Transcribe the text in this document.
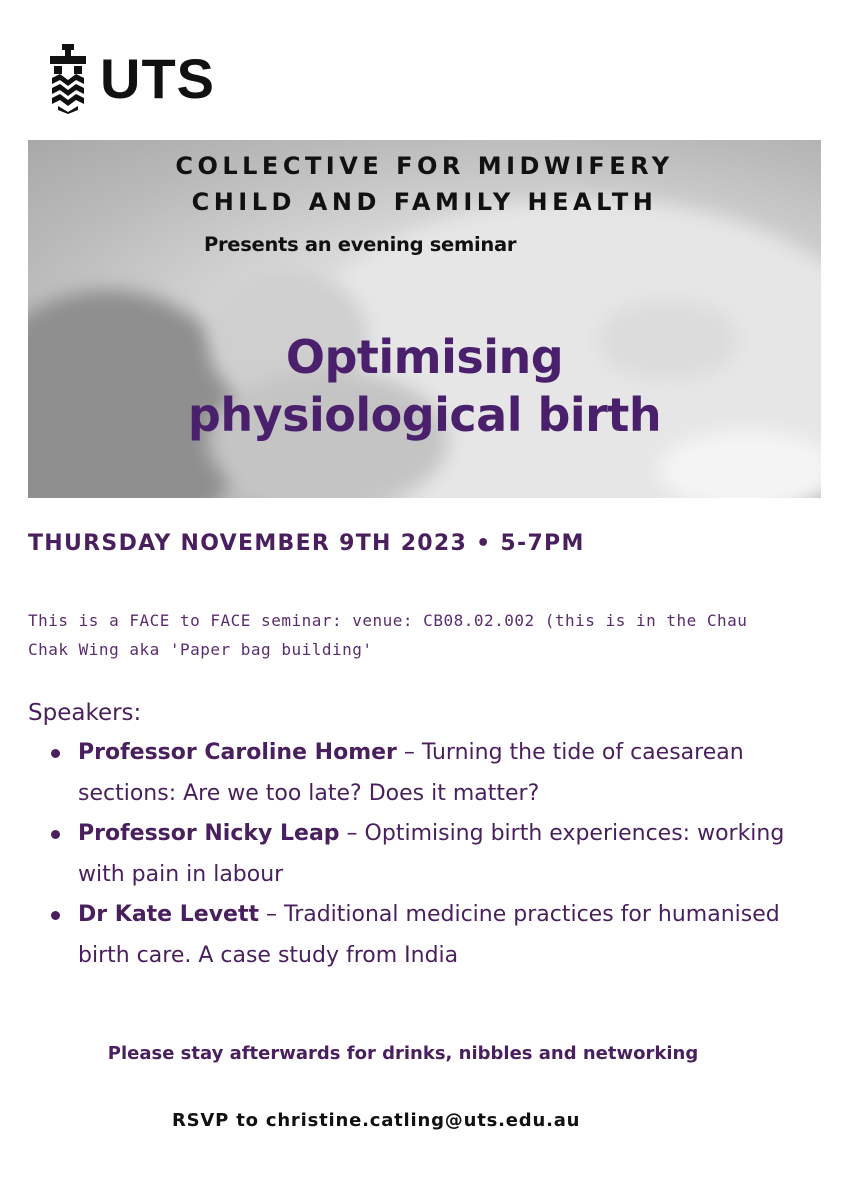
UTS
COLLECTIVE FOR MIDWIFERY
CHILD AND FAMILY HEALTH
Presents an evening seminar
Optimising
physiological birth
THURSDAY NOVEMBER 9TH 2023 • 5-7PM
This is a FACE to FACE seminar: venue: CB08.02.002 (this is in the Chau Chak Wing aka 'Paper bag building'
Speakers:
Professor Caroline Homer – Turning the tide of caesarean sections: Are we too late? Does it matter?
Professor Nicky Leap – Optimising birth experiences: working with pain in labour
Dr Kate Levett – Traditional medicine practices for humanised birth care. A case study from India
Please stay afterwards for drinks, nibbles and networking
RSVP to christine.catling@uts.edu.au
